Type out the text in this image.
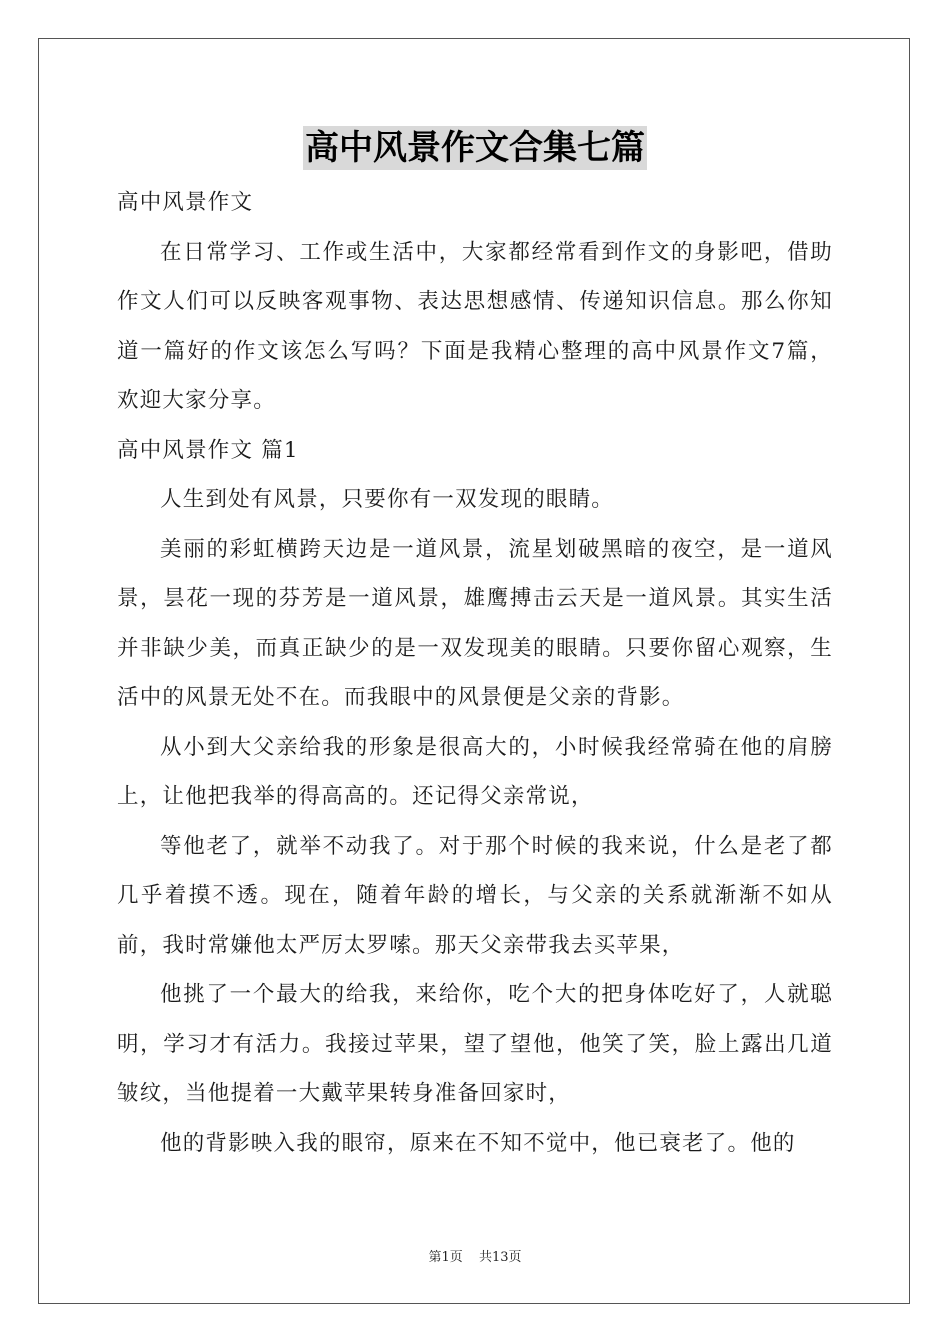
高中风景作文合集七篇

高中风景作文

在日常学习、工作或生活中，大家都经常看到作文的身影吧，借助作文人们可以反映客观事物、表达思想感情、传递知识信息。那么你知道一篇好的作文该怎么写吗？下面是我精心整理的高中风景作文7篇，欢迎大家分享。

高中风景作文 篇1

人生到处有风景，只要你有一双发现的眼睛。

美丽的彩虹横跨天边是一道风景，流星划破黑暗的夜空，是一道风景，昙花一现的芬芳是一道风景，雄鹰搏击云天是一道风景。其实生活并非缺少美，而真正缺少的是一双发现美的眼睛。只要你留心观察，生活中的风景无处不在。而我眼中的风景便是父亲的背影。

从小到大父亲给我的形象是很高大的，小时候我经常骑在他的肩膀上，让他把我举的得高高的。还记得父亲常说，

等他老了，就举不动我了。对于那个时候的我来说，什么是老了都几乎着摸不透。现在，随着年龄的增长，与父亲的关系就渐渐不如从前，我时常嫌他太严厉太罗嗦。那天父亲带我去买苹果，

他挑了一个最大的给我，来给你，吃个大的把身体吃好了，人就聪明，学习才有活力。我接过苹果，望了望他，他笑了笑，脸上露出几道皱纹，当他提着一大戴苹果转身准备回家时，

他的背影映入我的眼帘，原来在不知不觉中，他已衰老了。他的

第1页 共13页
